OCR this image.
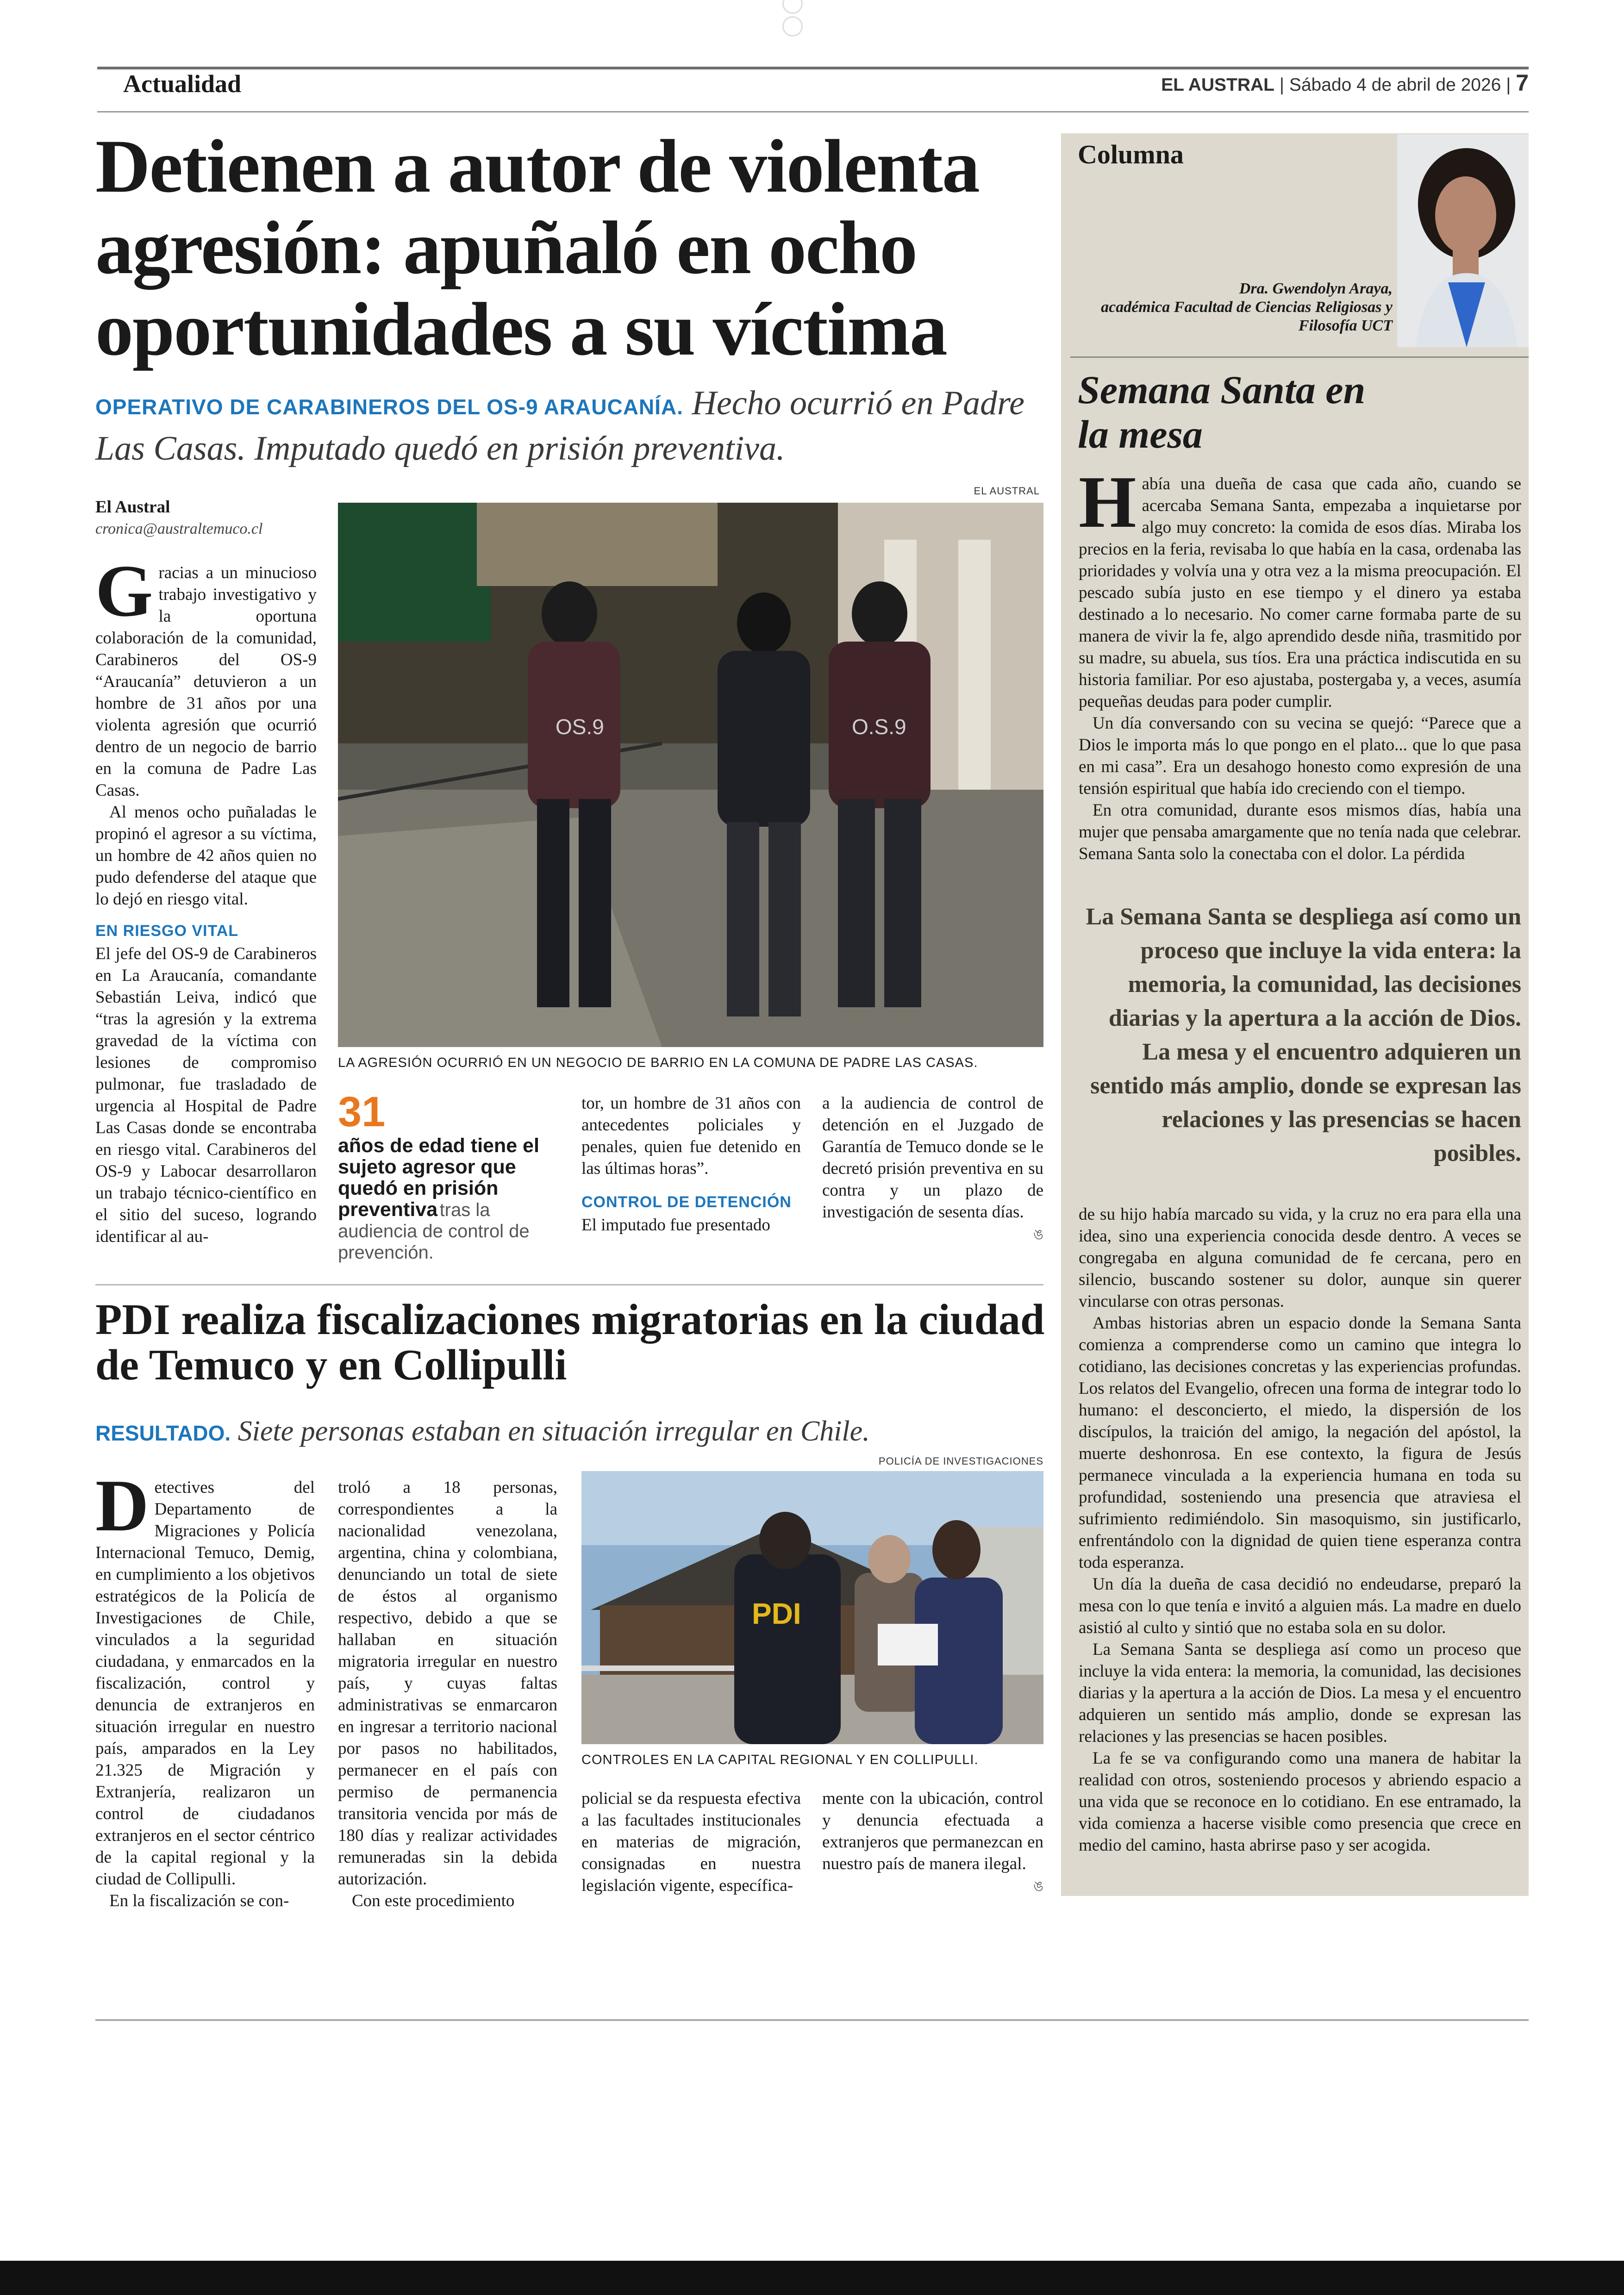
Actualidad	EL AUSTRAL | Sábado 4 de abril de 2026 | 7
Detienen a autor de violenta agresión: apuñaló en ocho oportunidades a su víctima
OPERATIVO DE CARABINEROS DEL OS-9 ARAUCANÍA. Hecho ocurrió en Padre Las Casas. Imputado quedó en prisión preventiva.
El Austral
cronica@australtemuco.cl

Gracias a un minucioso trabajo investigativo y la oportuna colaboración de la comunidad, Carabineros del OS-9 “Araucanía” detuvieron a un hombre de 31 años por una violenta agresión que ocurrió dentro de un negocio de barrio en la comuna de Padre Las Casas.

Al menos ocho puñaladas le propinó el agresor a su víctima, un hombre de 42 años quien no pudo defenderse del ataque que lo dejó en riesgo vital.

EN RIESGO VITAL

El jefe del OS-9 de Carabineros en La Araucanía, comandante Sebastián Leiva, indicó que “tras la agresión y la extrema gravedad de la víctima con lesiones de compromiso pulmonar, fue trasladado de urgencia al Hospital de Padre Las Casas donde se encontraba en riesgo vital. Carabineros del OS-9 y Labocar desarrollaron un trabajo técnico-científico en el sitio del suceso, logrando identificar al au-

EL AUSTRAL
OS.9	O.S.9
LA AGRESIÓN OCURRIÓ EN UN NEGOCIO DE BARRIO EN LA COMUNA DE PADRE LAS CASAS.
31
años de edad tiene el sujeto agresor que quedó en prisión preventiva tras la audiencia de control de prevención.

tor, un hombre de 31 años con antecedentes policiales y penales, quien fue detenido en las últimas horas”.

CONTROL DE DETENCIÓN

El imputado fue presentado

a la audiencia de control de detención en el Juzgado de Garantía de Temuco donde se le decretó prisión preventiva en su contra y un plazo de investigación de sesenta días.

ঙ
PDI realiza fiscalizaciones migratorias en la ciudad de Temuco y en Collipulli
RESULTADO. Siete personas estaban en situación irregular en Chile.

Detectives del Departamento de Migraciones y Policía Internacional Temuco, Demig, en cumplimiento a los objetivos estratégicos de la Policía de Investigaciones de Chile, vinculados a la seguridad ciudadana, y enmarcados en la fiscalización, control y denuncia de extranjeros en situación irregular en nuestro país, amparados en la Ley 21.325 de Migración y Extranjería, realizaron un control de ciudadanos extranjeros en el sector céntrico de la capital regional y la ciudad de Collipulli.

En la fiscalización se con-

troló a 18 personas, correspondientes a la nacionalidad venezolana, argentina, china y colombiana, denunciando un total de siete de éstos al organismo respectivo, debido a que se hallaban en situación migratoria irregular en nuestro país, y cuyas faltas administrativas se enmarcaron en ingresar a territorio nacional por pasos no habilitados, permanecer en el país con permiso de permanencia transitoria vencida por más de 180 días y realizar actividades remuneradas sin la debida autorización.

Con este procedimiento

POLICÍA DE INVESTIGACIONES
PDI
CONTROLES EN LA CAPITAL REGIONAL Y EN COLLIPULLI.

policial se da respuesta efectiva a las facultades institucionales en materias de migración, consignadas en nuestra legislación vigente, específica-

mente con la ubicación, control y denuncia efectuada a extranjeros que permanezcan en nuestro país de manera ilegal.

ঙ
Columna
Dra. Gwendolyn Araya,
académica Facultad de Ciencias Religiosas y Filosofía UCT
Semana Santa en la mesa

Había una dueña de casa que cada año, cuando se acercaba Semana Santa, empezaba a inquietarse por algo muy concreto: la comida de esos días. Miraba los precios en la feria, revisaba lo que había en la casa, ordenaba las prioridades y volvía una y otra vez a la misma preocupación. El pescado subía justo en ese tiempo y el dinero ya estaba destinado a lo necesario. No comer carne formaba parte de su manera de vivir la fe, algo aprendido desde niña, trasmitido por su madre, su abuela, sus tíos. Era una práctica indiscutida en su historia familiar. Por eso ajustaba, postergaba y, a veces, asumía pequeñas deudas para poder cumplir.

Un día conversando con su vecina se quejó: “Parece que a Dios le importa más lo que pongo en el plato... que lo que pasa en mi casa”. Era un desahogo honesto como expresión de una tensión espiritual que había ido creciendo con el tiempo.

En otra comunidad, durante esos mismos días, había una mujer que pensaba amargamente que no tenía nada que celebrar. Semana Santa solo la conectaba con el dolor. La pérdida

La Semana Santa se despliega así como un proceso que incluye la vida entera: la memoria, la comunidad, las decisiones diarias y la apertura a la acción de Dios. La mesa y el encuentro adquieren un sentido más amplio, donde se expresan las relaciones y las presencias se hacen posibles.

de su hijo había marcado su vida, y la cruz no era para ella una idea, sino una experiencia conocida desde dentro. A veces se congregaba en alguna comunidad de fe cercana, pero en silencio, buscando sostener su dolor, aunque sin querer vincularse con otras personas.

Ambas historias abren un espacio donde la Semana Santa comienza a comprenderse como un camino que integra lo cotidiano, las decisiones concretas y las experiencias profundas. Los relatos del Evangelio, ofrecen una forma de integrar todo lo humano: el desconcierto, el miedo, la dispersión de los discípulos, la traición del amigo, la negación del apóstol, la muerte deshonrosa. En ese contexto, la figura de Jesús permanece vinculada a la experiencia humana en toda su profundidad, sosteniendo una presencia que atraviesa el sufrimiento redimiéndolo. Sin masoquismo, sin justificarlo, enfrentándolo con la dignidad de quien tiene esperanza contra toda esperanza.

Un día la dueña de casa decidió no endeudarse, preparó la mesa con lo que tenía e invitó a alguien más. La madre en duelo asistió al culto y sintió que no estaba sola en su dolor.

La Semana Santa se despliega así como un proceso que incluye la vida entera: la memoria, la comunidad, las decisiones diarias y la apertura a la acción de Dios. La mesa y el encuentro adquieren un sentido más amplio, donde se expresan las relaciones y las presencias se hacen posibles.

La fe se va configurando como una manera de habitar la realidad con otros, sosteniendo procesos y abriendo espacio a una vida que se reconoce en lo cotidiano. En ese entramado, la vida comienza a hacerse visible como presencia que crece en medio del camino, hasta abrirse paso y ser acogida.
